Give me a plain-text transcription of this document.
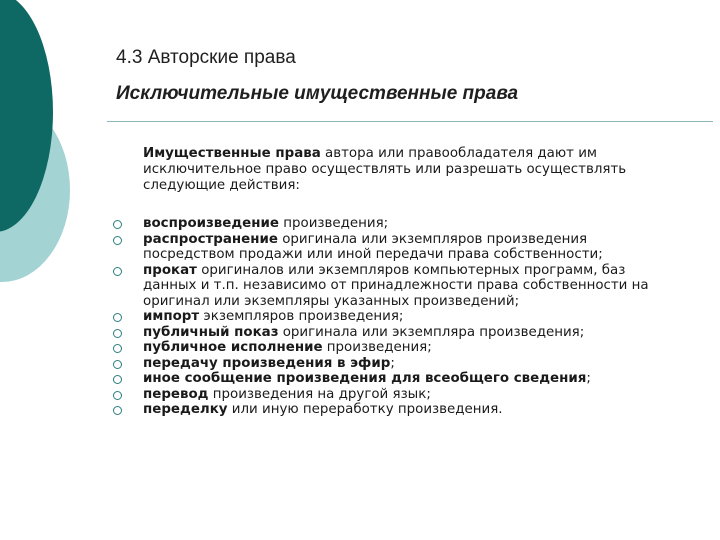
4.3 Авторские права
Исключительные имущественные права

Имущественные права автора или правообладателя дают им исключительное право осуществлять или разрешать осуществлять следующие действия:

воспроизведение произведения;
распространение оригинала или экземпляров произведения посредством продажи или иной передачи права собственности;
прокат оригиналов или экземпляров компьютерных программ, баз данных и т.п. независимо от принадлежности права собственности на оригинал или экземпляры указанных произведений;
импорт экземпляров произведения;
публичный показ оригинала или экземпляра произведения;
публичное исполнение произведения;
передачу произведения в эфир;
иное сообщение произведения для всеобщего сведения;
перевод произведения на другой язык;
переделку или иную переработку произведения.
